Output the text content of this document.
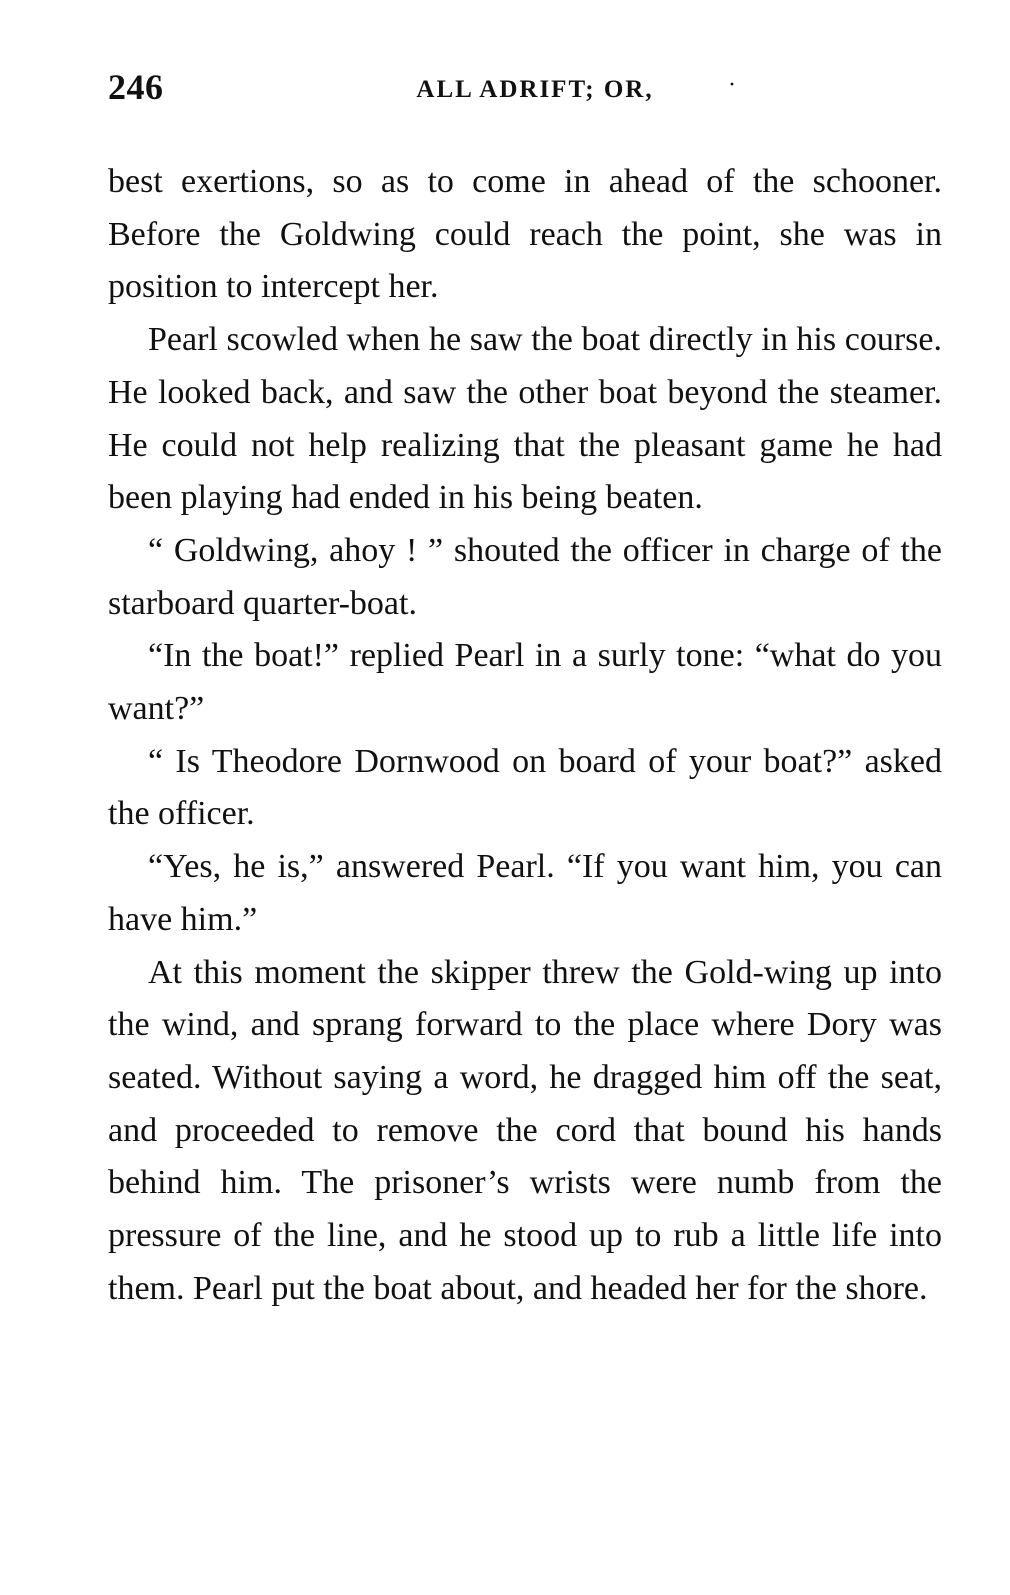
246	ALL ADRIFT; OR,	·

best exertions, so as to come in ahead of the schooner. Before the Goldwing could reach the point, she was in position to intercept her.

Pearl scowled when he saw the boat directly in his course. He looked back, and saw the other boat beyond the steamer. He could not help realizing that the pleasant game he had been playing had ended in his being beaten.

“ Goldwing, ahoy ! ” shouted the officer in charge of the starboard quarter-boat.

“In the boat!” replied Pearl in a surly tone: “what do you want?”

“ Is Theodore Dornwood on board of your boat?” asked the officer.

“Yes, he is,” answered Pearl. “If you want him, you can have him.”

At this moment the skipper threw the Gold-wing up into the wind, and sprang forward to the place where Dory was seated. Without saying a word, he dragged him off the seat, and proceeded to remove the cord that bound his hands behind him. The prisoner’s wrists were numb from the pressure of the line, and he stood up to rub a little life into them. Pearl put the boat about, and headed her for the shore.
